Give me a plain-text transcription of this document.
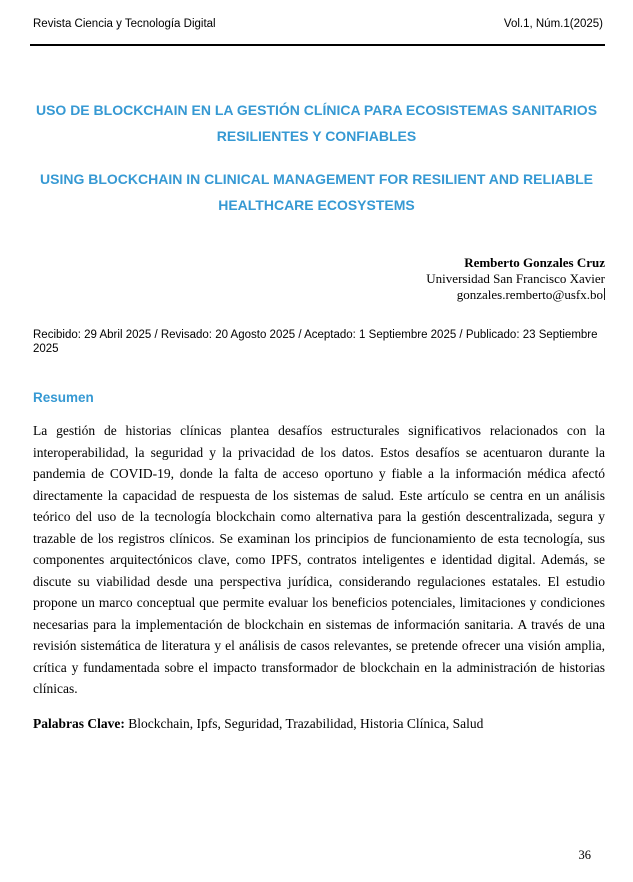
Revista Ciencia y Tecnología Digital	Vol.1, Núm.1(2025)
USO DE BLOCKCHAIN EN LA GESTIÓN CLÍNICA PARA ECOSISTEMAS SANITARIOS RESILIENTES Y CONFIABLES
USING BLOCKCHAIN IN CLINICAL MANAGEMENT FOR RESILIENT AND RELIABLE HEALTHCARE ECOSYSTEMS
Remberto Gonzales Cruz
Universidad San Francisco Xavier
gonzales.remberto@usfx.bo
Recibido: 29 Abril 2025 / Revisado: 20 Agosto 2025 / Aceptado: 1 Septiembre 2025 / Publicado: 23 Septiembre 2025
Resumen

La gestión de historias clínicas plantea desafíos estructurales significativos relacionados con la interoperabilidad, la seguridad y la privacidad de los datos. Estos desafíos se acentuaron durante la pandemia de COVID-19, donde la falta de acceso oportuno y fiable a la información médica afectó directamente la capacidad de respuesta de los sistemas de salud. Este artículo se centra en un análisis teórico del uso de la tecnología blockchain como alternativa para la gestión descentralizada, segura y trazable de los registros clínicos. Se examinan los principios de funcionamiento de esta tecnología, sus componentes arquitectónicos clave, como IPFS, contratos inteligentes e identidad digital. Además, se discute su viabilidad desde una perspectiva jurídica, considerando regulaciones estatales. El estudio propone un marco conceptual que permite evaluar los beneficios potenciales, limitaciones y condiciones necesarias para la implementación de blockchain en sistemas de información sanitaria. A través de una revisión sistemática de literatura y el análisis de casos relevantes, se pretende ofrecer una visión amplia, crítica y fundamentada sobre el impacto transformador de blockchain en la administración de historias clínicas.

Palabras Clave: Blockchain, Ipfs, Seguridad, Trazabilidad, Historia Clínica, Salud

36
